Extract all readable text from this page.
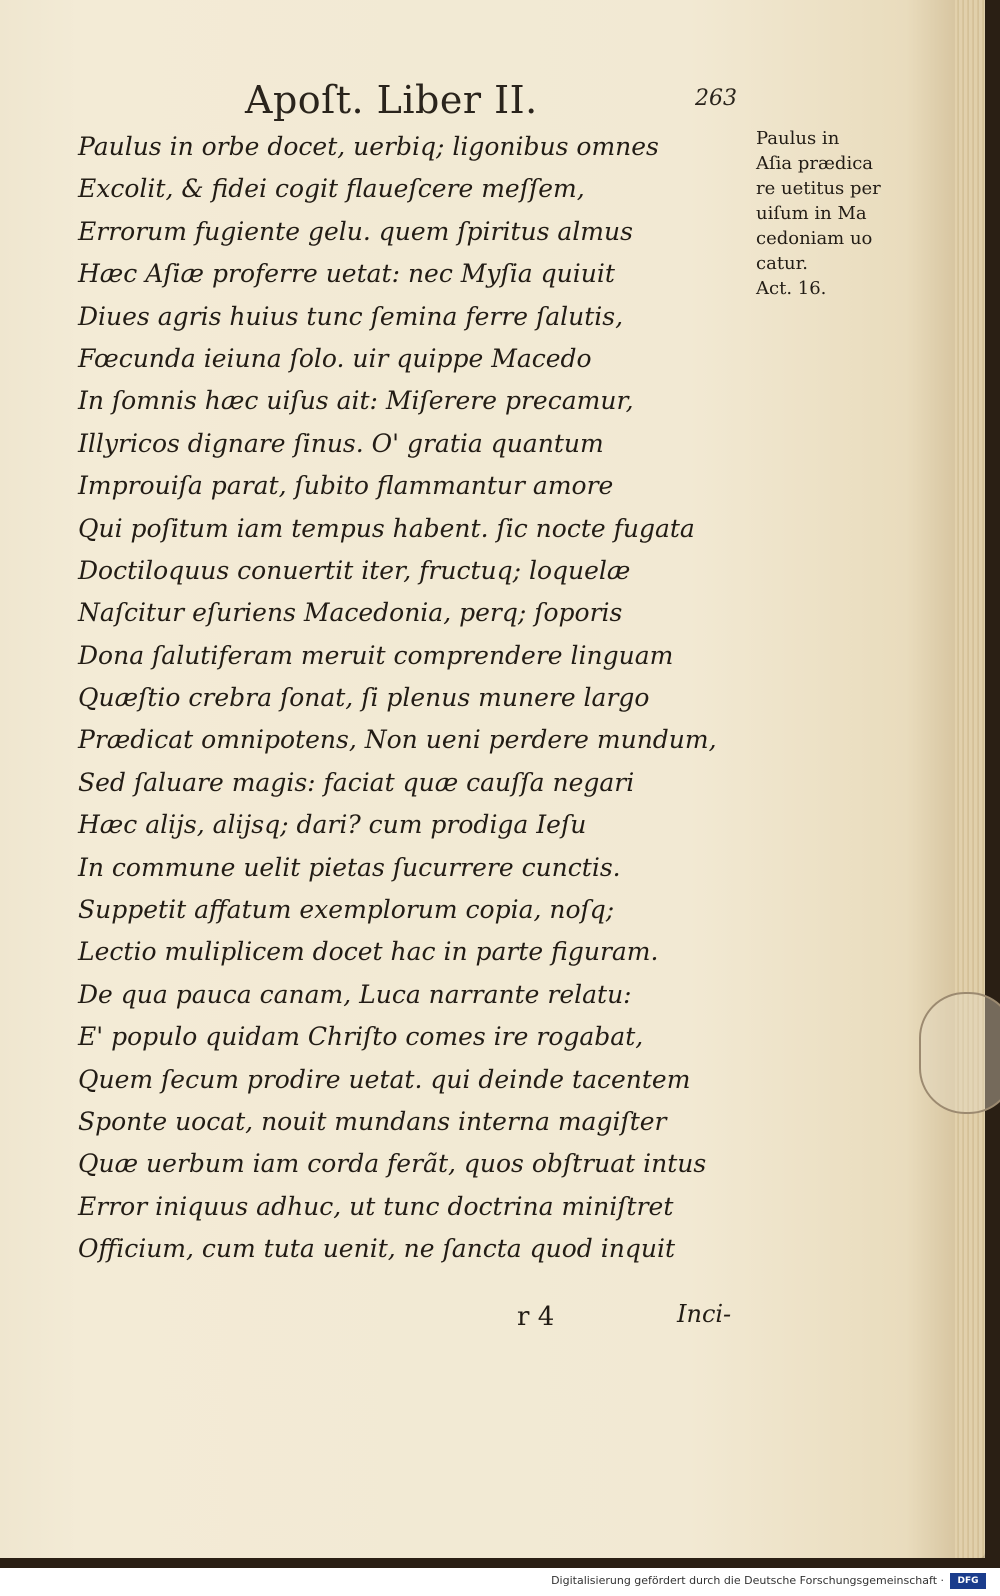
Apoſt. Liber II.	263
Paulus in orbe docet, uerbiq; ligonibus omnes
Excolit, & fidei cogit flaueſcere meſſem,
Errorum fugiente gelu. quem ſpiritus almus
Hæc Aſiæ proferre uetat: nec Myſia quiuit
Diues agris huius tunc ſemina ferre ſalutis,
Fœcunda ieiuna ſolo. uir quippe Macedo
In ſomnis hæc uiſus ait: Miſerere precamur,
Illyricos dignare ſinus. O' gratia quantum
Improuiſa parat, ſubito flammantur amore
Qui poſitum iam tempus habent. ſic nocte fugata
Doctiloquus conuertit iter, fructuq; loquelæ
Naſcitur eſuriens Macedonia, perq; ſoporis
Dona ſalutiferam meruit comprendere linguam
Quæſtio crebra ſonat, ſi plenus munere largo
Prædicat omnipotens, Non ueni perdere mundum,
Sed ſaluare magis: faciat quæ cauſſa negari
Hæc alijs, alijsq; dari? cum prodiga Ieſu
In commune uelit pietas ſucurrere cunctis.
Suppetit affatum exemplorum copia, noſq;
Lectio muliplicem docet hac in parte figuram.
De qua pauca canam, Luca narrante relatu:
E' populo quidam Chriſto comes ire rogabat,
Quem ſecum prodire uetat. qui deinde tacentem
Sponte uocat, nouit mundans interna magiſter
Quæ uerbum iam corda ferãt, quos obſtruat intus
Error iniquus adhuc, ut tunc doctrina miniſtret
Officium, cum tuta uenit, ne ſancta quod inquit
Paulus in
Aſia prædica
re uetitus per
uiſum in Ma
cedoniam uo
catur.
Act. 16.
r 4	Inci-
Digitalisierung gefördert durch die Deutsche Forschungsgemeinschaft ·	DFG
